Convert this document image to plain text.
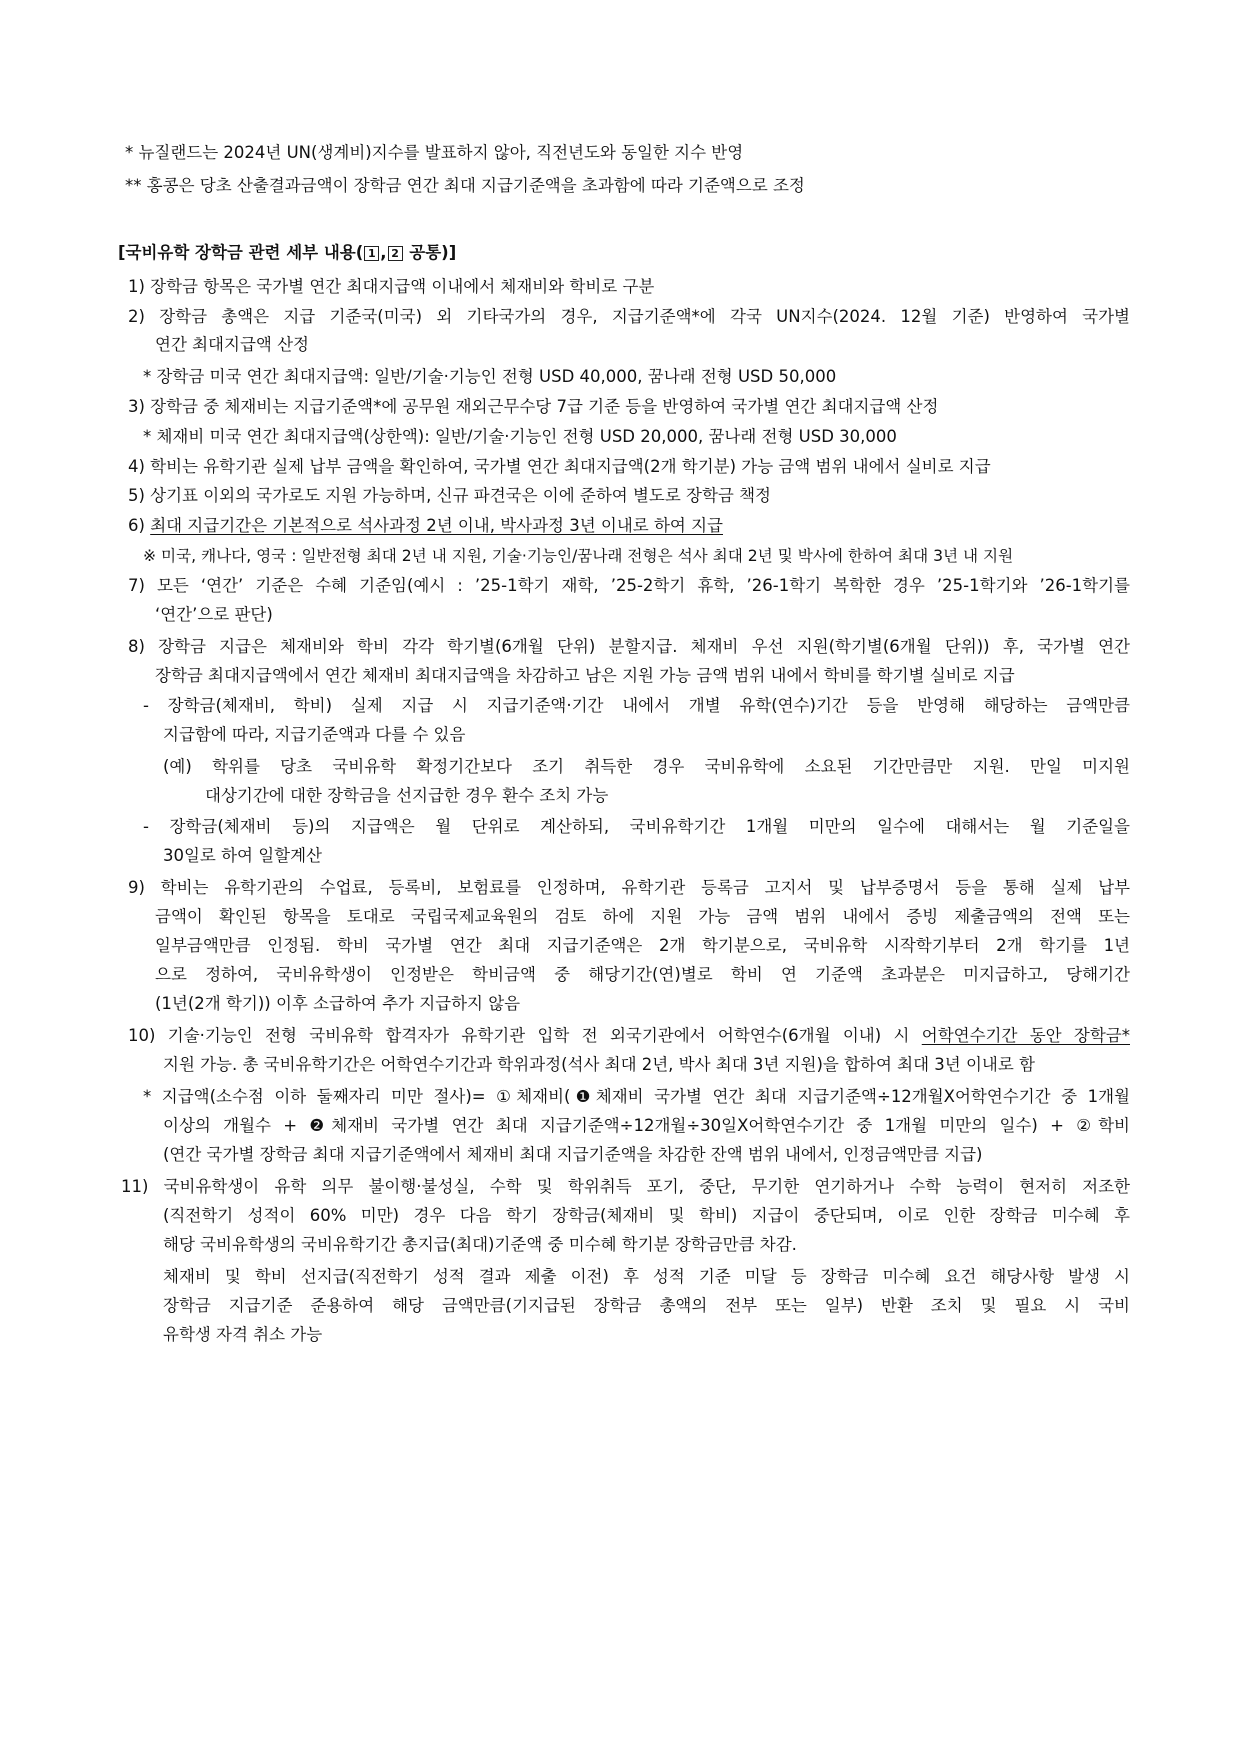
* 뉴질랜드는 2024년 UN(생계비)지수를 발표하지 않아, 직전년도와 동일한 지수 반영
** 홍콩은 당초 산출결과금액이 장학금 연간 최대 지급기준액을 초과함에 따라 기준액으로 조정
[국비유학 장학금 관련 세부 내용( 1 , 2 공통)]
1) 장학금 항목은 국가별 연간 최대지급액 이내에서 체재비와 학비로 구분
2) 장학금 총액은 지급 기준국(미국) 외 기타국가의 경우, 지급기준액*에 각국 UN지수(2024. 12월 기준) 반영하여 국가별
연간 최대지급액 산정
* 장학금 미국 연간 최대지급액: 일반/기술·기능인 전형 USD 40,000, 꿈나래 전형 USD 50,000
3) 장학금 중 체재비는 지급기준액*에 공무원 재외근무수당 7급 기준 등을 반영하여 국가별 연간 최대지급액 산정
* 체재비 미국 연간 최대지급액(상한액): 일반/기술·기능인 전형 USD 20,000, 꿈나래 전형 USD 30,000
4) 학비는 유학기관 실제 납부 금액을 확인하여, 국가별 연간 최대지급액(2개 학기분) 가능 금액 범위 내에서 실비로 지급
5) 상기표 이외의 국가로도 지원 가능하며, 신규 파견국은 이에 준하여 별도로 장학금 책정
6) 최대 지급기간은 기본적으로 석사과정 2년 이내, 박사과정 3년 이내로 하여 지급
※ 미국, 캐나다, 영국 : 일반전형 최대 2년 내 지원, 기술·기능인/꿈나래 전형은 석사 최대 2년 및 박사에 한하여 최대 3년 내 지원
7) 모든 ‘연간’ 기준은 수혜 기준임(예시 : ’25-1학기 재학, ’25-2학기 휴학, ’26-1학기 복학한 경우 ’25-1학기와 ’26-1학기를
‘연간’으로 판단)
8) 장학금 지급은 체재비와 학비 각각 학기별(6개월 단위) 분할지급. 체재비 우선 지원(학기별(6개월 단위)) 후, 국가별 연간
장학금 최대지급액에서 연간 체재비 최대지급액을 차감하고 남은 지원 가능 금액 범위 내에서 학비를 학기별 실비로 지급
- 장학금(체재비, 학비) 실제 지급 시 지급기준액·기간 내에서 개별 유학(연수)기간 등을 반영해 해당하는 금액만큼
지급함에 따라, 지급기준액과 다를 수 있음
(예) 학위를 당초 국비유학 확정기간보다 조기 취득한 경우 국비유학에 소요된 기간만큼만 지원. 만일 미지원
대상기간에 대한 장학금을 선지급한 경우 환수 조치 가능
- 장학금(체재비 등)의 지급액은 월 단위로 계산하되, 국비유학기간 1개월 미만의 일수에 대해서는 월 기준일을
30일로 하여 일할계산
9) 학비는 유학기관의 수업료, 등록비, 보험료를 인정하며, 유학기관 등록금 고지서 및 납부증명서 등을 통해 실제 납부
금액이 확인된 항목을 토대로 국립국제교육원의 검토 하에 지원 가능 금액 범위 내에서 증빙 제출금액의 전액 또는
일부금액만큼 인정됨. 학비 국가별 연간 최대 지급기준액은 2개 학기분으로, 국비유학 시작학기부터 2개 학기를 1년
으로 정하여, 국비유학생이 인정받은 학비금액 중 해당기간(연)별로 학비 연 기준액 초과분은 미지급하고, 당해기간
(1년(2개 학기)) 이후 소급하여 추가 지급하지 않음
10) 기술·기능인 전형 국비유학 합격자가 유학기관 입학 전 외국기관에서 어학연수(6개월 이내) 시 어학연수기간 동안 장학금*
지원 가능. 총 국비유학기간은 어학연수기간과 학위과정(석사 최대 2년, 박사 최대 3년 지원)을 합하여 최대 3년 이내로 함
* 지급액(소수점 이하 둘째자리 미만 절사)= ①체재비(❶체재비 국가별 연간 최대 지급기준액÷12개월X어학연수기간 중 1개월
이상의 개월수 + ❷체재비 국가별 연간 최대 지급기준액÷12개월÷30일X어학연수기간 중 1개월 미만의 일수) + ②학비
(연간 국가별 장학금 최대 지급기준액에서 체재비 최대 지급기준액을 차감한 잔액 범위 내에서, 인정금액만큼 지급)
11) 국비유학생이 유학 의무 불이행·불성실, 수학 및 학위취득 포기, 중단, 무기한 연기하거나 수학 능력이 현저히 저조한
(직전학기 성적이 60% 미만) 경우 다음 학기 장학금(체재비 및 학비) 지급이 중단되며, 이로 인한 장학금 미수혜 후
해당 국비유학생의 국비유학기간 총지급(최대)기준액 중 미수혜 학기분 장학금만큼 차감.
체재비 및 학비 선지급(직전학기 성적 결과 제출 이전) 후 성적 기준 미달 등 장학금 미수혜 요건 해당사항 발생 시
장학금 지급기준 준용하여 해당 금액만큼(기지급된 장학금 총액의 전부 또는 일부) 반환 조치 및 필요 시 국비
유학생 자격 취소 가능
